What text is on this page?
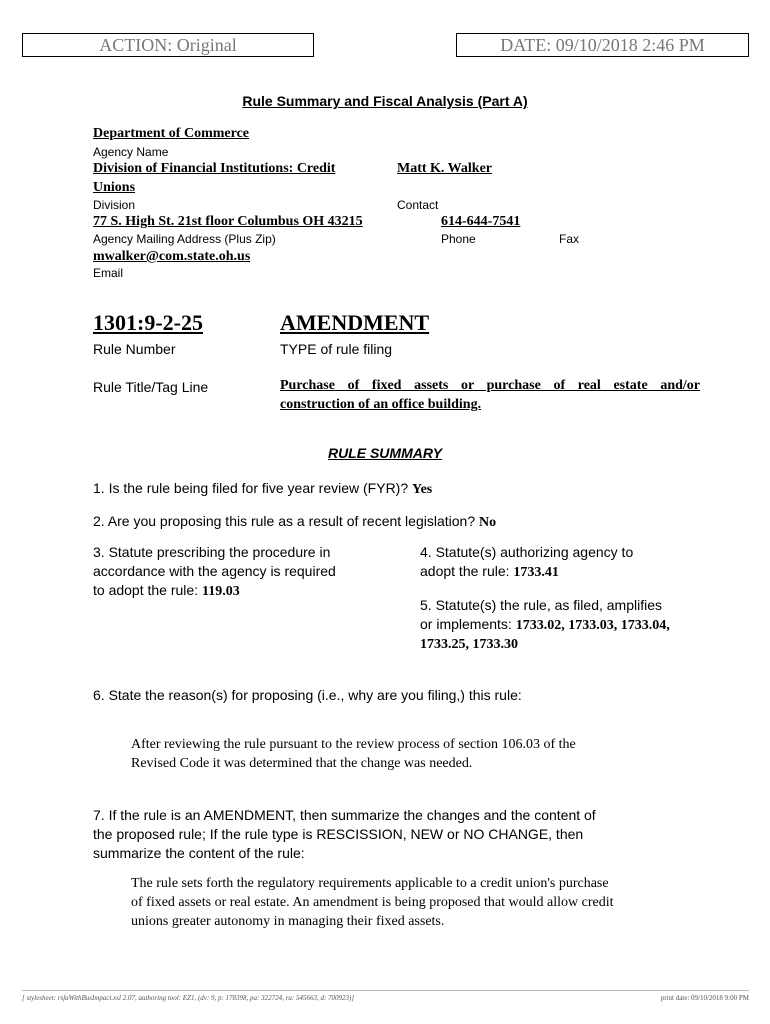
ACTION: Original	DATE: 09/10/2018 2:46 PM
Rule Summary and Fiscal Analysis (Part A)
Department of Commerce
Agency Name
Division of Financial Institutions: Credit
Unions
Matt K. Walker
Division	Contact
77 S. High St. 21st floor Columbus OH 43215	614-644-7541
Agency Mailing Address (Plus Zip)	Phone	Fax
mwalker@com.state.oh.us
Email
1301:9-2-25	AMENDMENT
Rule Number	TYPE of rule filing
Rule Title/Tag Line	Purchase of fixed assets or purchase of real estate and/or
construction of an office building.
RULE SUMMARY
1. Is the rule being filed for five year review (FYR)? Yes
2. Are you proposing this rule as a result of recent legislation? No
3. Statute prescribing the procedure in
accordance with the agency is required
to adopt the rule: 119.03
4. Statute(s) authorizing agency to
adopt the rule: 1733.41
5. Statute(s) the rule, as filed, amplifies
or implements: 1733.02, 1733.03, 1733.04,
1733.25, 1733.30
6. State the reason(s) for proposing (i.e., why are you filing,) this rule:
After reviewing the rule pursuant to the review process of section 106.03 of the
Revised Code it was determined that the change was needed.
7. If the rule is an AMENDMENT, then summarize the changes and the content of
the proposed rule; If the rule type is RESCISSION, NEW or NO CHANGE, then
summarize the content of the rule:
The rule sets forth the regulatory requirements applicable to a credit union's purchase
of fixed assets or real estate. An amendment is being proposed that would allow credit
unions greater autonomy in managing their fixed assets.
[ stylesheet: rsfaWithBusImpact.xsl 2.07, authoring tool: EZ1, (dv: 9, p: 178398, pa: 322724, ra: 545663, d: 700923)]	print date: 09/10/2018 9:00 PM
